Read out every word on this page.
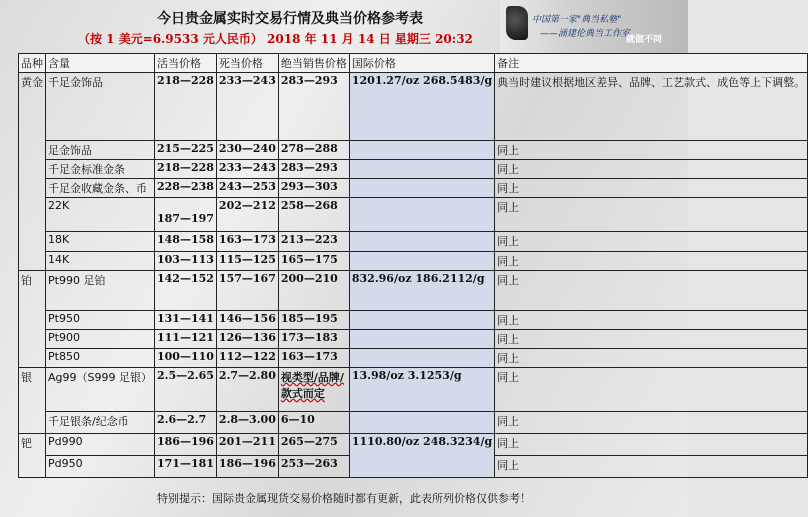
今日贵金属实时交易行情及典当价格参考表
（按 1 美元=6.9533 元人民币） 2018 年 11 月 14 日 星期三 20:32
中国第一家"典当私塾"
——涌建伦典当工作室
就做不同
品种	含量	活当价格	死当价格	绝当销售价格	国际价格	备注
黄金	千足金饰品	218—228	233—243	283—293	1201.27/oz 268.5483/g	典当时建议根据地区差异、品牌、工艺款式、成色等上下调整。
	足金饰品	215—225	230—240	278—288		同上
	千足金标准金条	218—228	233—243	283—293		同上
	千足金收藏金条、币	228—238	243—253	293—303		同上
	22K	187—197	202—212	258—268		同上
	18K	148—158	163—173	213—223		同上
	14K	103—113	115—125	165—175		同上
铂	Pt990 足铂	142—152	157—167	200—210	832.96/oz 186.2112/g	同上
	Pt950	131—141	146—156	185—195		同上
	Pt900	111—121	126—136	173—183		同上
	Pt850	100—110	112—122	163—173		同上
银	Ag99（S999 足银）	2.5—2.65	2.7—2.80	视类型/品牌/款式而定	13.98/oz 3.1253/g	同上
	千足银条/纪念币	2.6—2.7	2.8—3.00	6—10		同上
钯	Pd990	186—196	201—211	265—275	1110.80/oz 248.3234/g	同上
	Pd950	171—181	186—196	253—263		同上
特别提示：国际贵金属现货交易价格随时都有更新，此表所列价格仅供参考！
